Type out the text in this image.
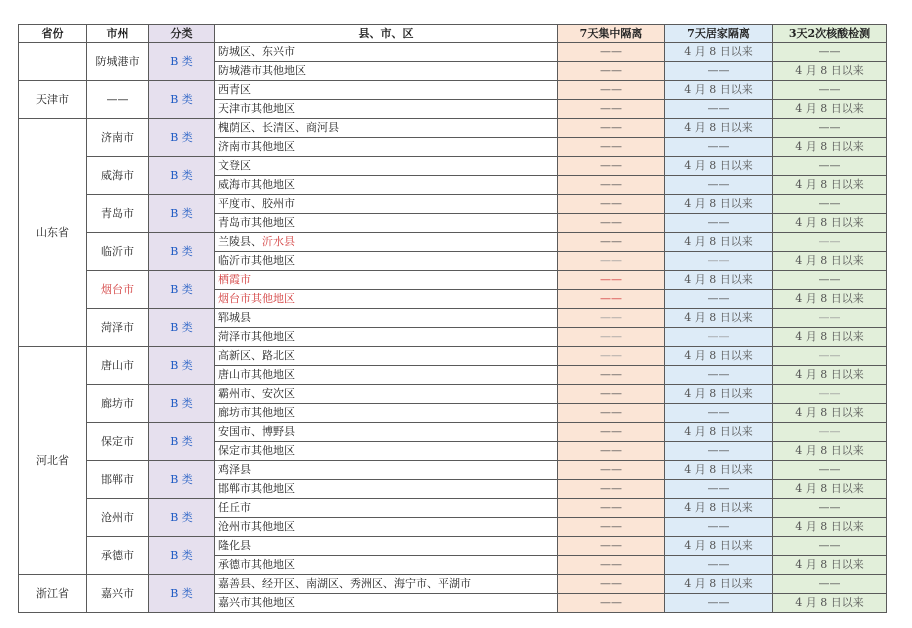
省份	市州	分类	县、市、区	7天集中隔离	7天居家隔离	3天2次核酸检测
	防城港市	B 类	防城区、东兴市	——	4 月 8 日以来	——
			防城港市其他地区	——	——	4 月 8 日以来
天津市	——	B 类	西青区	——	4 月 8 日以来	——
			天津市其他地区	——	——	4 月 8 日以来
山东省	济南市	B 类	槐荫区、长清区、商河县	——	4 月 8 日以来	——
			济南市其他地区	——	——	4 月 8 日以来
	威海市	B 类	文登区	——	4 月 8 日以来	——
			威海市其他地区	——	——	4 月 8 日以来
	青岛市	B 类	平度市、胶州市	——	4 月 8 日以来	——
			青岛市其他地区	——	——	4 月 8 日以来
	临沂市	B 类	兰陵县、沂水县	——	4 月 8 日以来	——
			临沂市其他地区	——	——	4 月 8 日以来
	烟台市	B 类	栖霞市	——	4 月 8 日以来	——
			烟台市其他地区	——	——	4 月 8 日以来
	菏泽市	B 类	郓城县	——	4 月 8 日以来	——
			菏泽市其他地区	——	——	4 月 8 日以来
河北省	唐山市	B 类	高新区、路北区	——	4 月 8 日以来	——
			唐山市其他地区	——	——	4 月 8 日以来
	廊坊市	B 类	霸州市、安次区	——	4 月 8 日以来	——
			廊坊市其他地区	——	——	4 月 8 日以来
	保定市	B 类	安国市、博野县	——	4 月 8 日以来	——
			保定市其他地区	——	——	4 月 8 日以来
	邯郸市	B 类	鸡泽县	——	4 月 8 日以来	——
			邯郸市其他地区	——	——	4 月 8 日以来
	沧州市	B 类	任丘市	——	4 月 8 日以来	——
			沧州市其他地区	——	——	4 月 8 日以来
	承德市	B 类	隆化县	——	4 月 8 日以来	——
			承德市其他地区	——	——	4 月 8 日以来
浙江省	嘉兴市	B 类	嘉善县、经开区、南湖区、秀洲区、海宁市、平湖市	——	4 月 8 日以来	——
			嘉兴市其他地区	——	——	4 月 8 日以来
